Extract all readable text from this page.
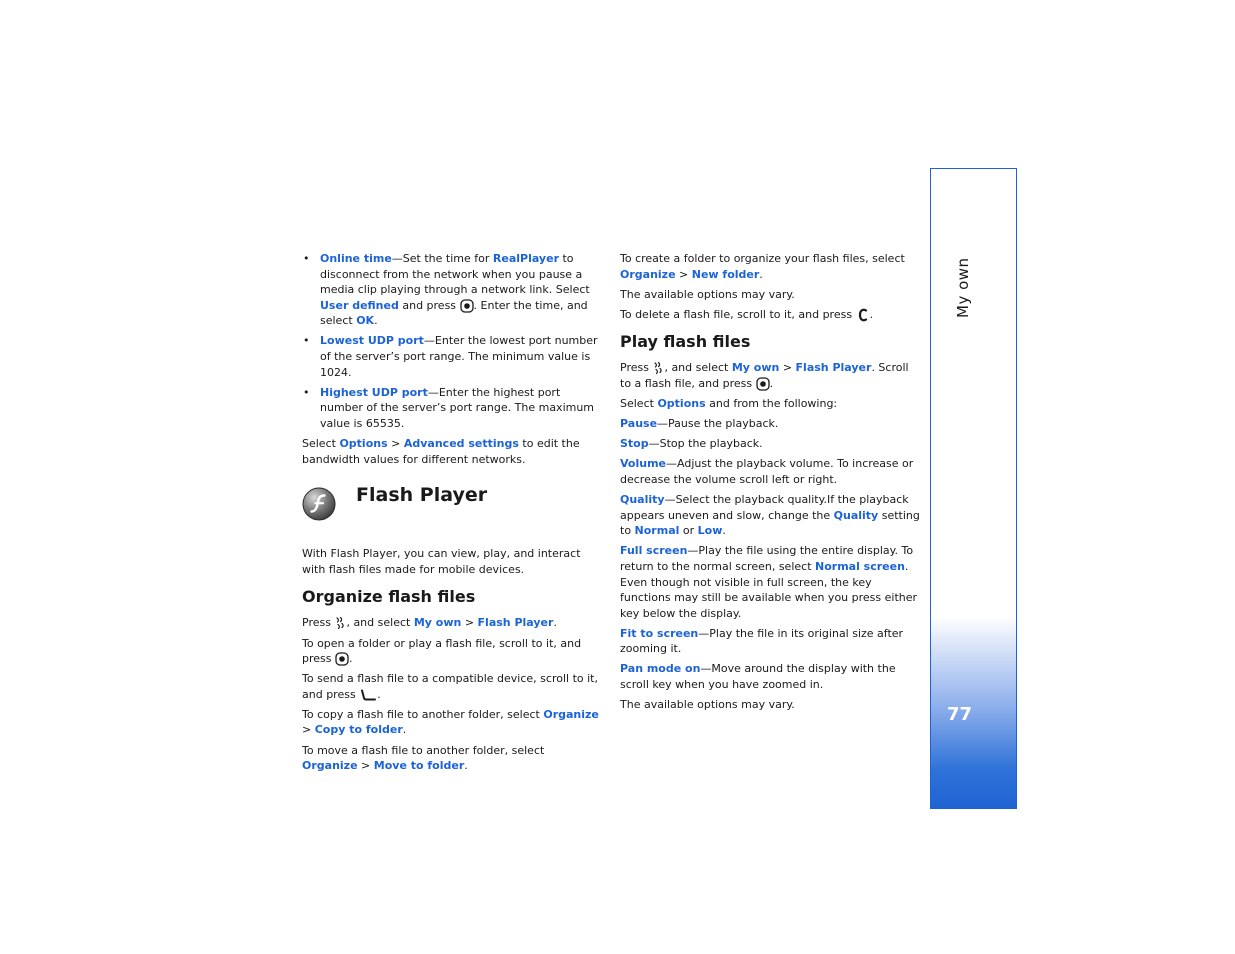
My own
77
• Online time—Set the time for RealPlayer to disconnect from the network when you pause a media clip playing through a network link. Select User defined and press . Enter the time, and select OK.
• Lowest UDP port—Enter the lowest port number of the server’s port range. The minimum value is 1024.
• Highest UDP port—Enter the highest port number of the server’s port range. The maximum value is 65535.

Select Options > Advanced settings to edit the bandwidth values for different networks.

Flash Player

With Flash Player, you can view, play, and interact with flash files made for mobile devices.

Organize flash files

Press , and select My own > Flash Player.

To open a folder or play a flash file, scroll to it, and press .

To send a flash file to a compatible device, scroll to it, and press .

To copy a flash file to another folder, select Organize > Copy to folder.

To move a flash file to another folder, select Organize > Move to folder.

To create a folder to organize your flash files, select Organize > New folder.

The available options may vary.

To delete a flash file, scroll to it, and press .

Play flash files

Press , and select My own > Flash Player. Scroll to a flash file, and press .

Select Options and from the following:

Pause—Pause the playback.

Stop—Stop the playback.

Volume—Adjust the playback volume. To increase or decrease the volume scroll left or right.

Quality—Select the playback quality.If the playback appears uneven and slow, change the Quality setting to Normal or Low.

Full screen—Play the file using the entire display. To return to the normal screen, select Normal screen. Even though not visible in full screen, the key functions may still be available when you press either key below the display.

Fit to screen—Play the file in its original size after zooming it.

Pan mode on—Move around the display with the scroll key when you have zoomed in.

The available options may vary.
